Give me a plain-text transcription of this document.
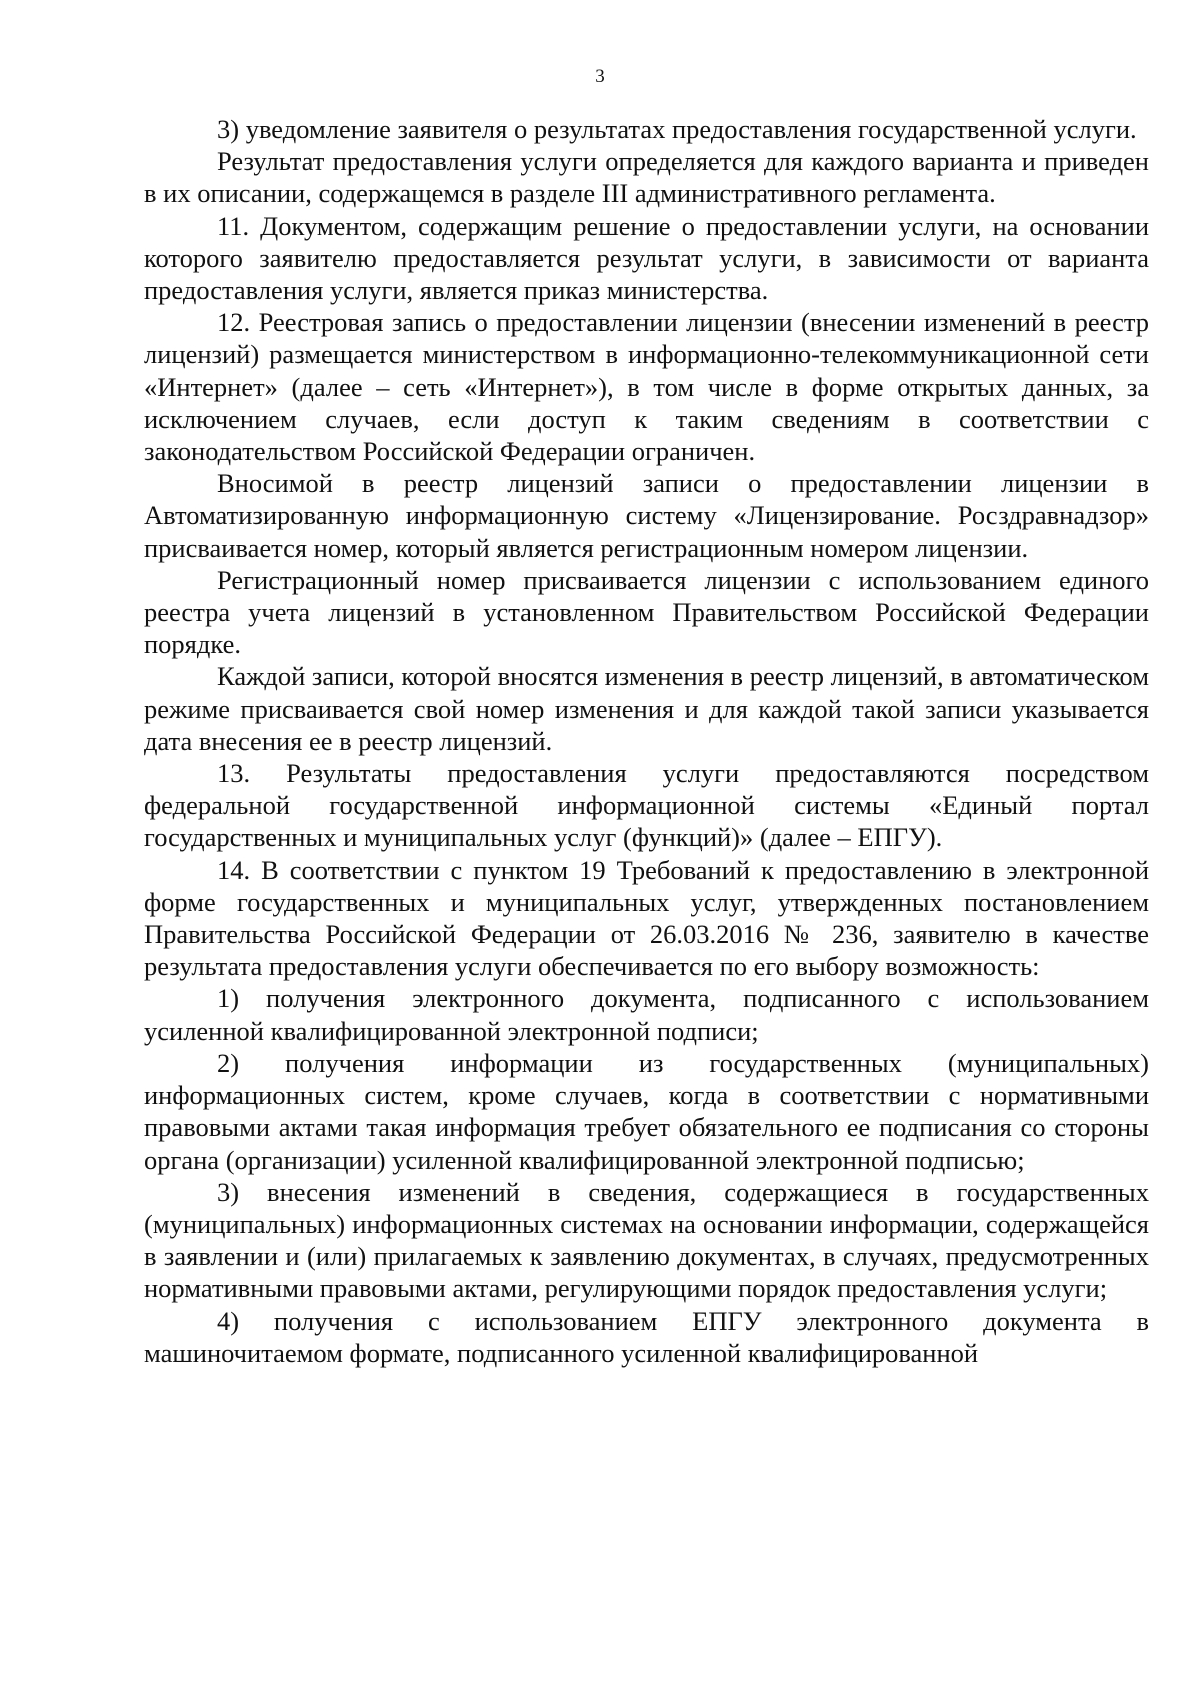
3

3) уведомление заявителя о результатах предоставления государственной услуги.

Результат предоставления услуги определяется для каждого варианта и приведен в их описании, содержащемся в разделе III административного регламента.

11. Документом, содержащим решение о предоставлении услуги, на основании которого заявителю предоставляется результат услуги, в зависимости от варианта предоставления услуги, является приказ министерства.

12. Реестровая запись о предоставлении лицензии (внесении изменений в реестр лицензий) размещается министерством в информационно-телекоммуникационной сети «Интернет» (далее – сеть «Интернет»), в том числе в форме открытых данных, за исключением случаев, если доступ к таким сведениям в соответствии с законодательством Российской Федерации ограничен.

Вносимой в реестр лицензий записи о предоставлении лицензии в Автоматизированную информационную систему «Лицензирование. Росздравнадзор» присваивается номер, который является регистрационным номером лицензии.

Регистрационный номер присваивается лицензии с использованием единого реестра учета лицензий в установленном Правительством Российской Федерации порядке.

Каждой записи, которой вносятся изменения в реестр лицензий, в автоматическом режиме присваивается свой номер изменения и для каждой такой записи указывается дата внесения ее в реестр лицензий.

13. Результаты предоставления услуги предоставляются посредством федеральной государственной информационной системы «Единый портал государственных и муниципальных услуг (функций)» (далее – ЕПГУ).

14. В соответствии с пунктом 19 Требований к предоставлению в электронной форме государственных и муниципальных услуг, утвержденных постановлением Правительства Российской Федерации от 26.03.2016 № 236, заявителю в качестве результата предоставления услуги обеспечивается по его выбору возможность:

1) получения электронного документа, подписанного с использованием усиленной квалифицированной электронной подписи;

2) получения информации из государственных (муниципальных) информационных систем, кроме случаев, когда в соответствии с нормативными правовыми актами такая информация требует обязательного ее подписания со стороны органа (организации) усиленной квалифицированной электронной подписью;

3) внесения изменений в сведения, содержащиеся в государственных (муниципальных) информационных системах на основании информации, содержащейся в заявлении и (или) прилагаемых к заявлению документах, в случаях, предусмотренных нормативными правовыми актами, регулирующими порядок предоставления услуги;

4) получения с использованием ЕПГУ электронного документа в машиночитаемом формате, подписанного усиленной квалифицированной
